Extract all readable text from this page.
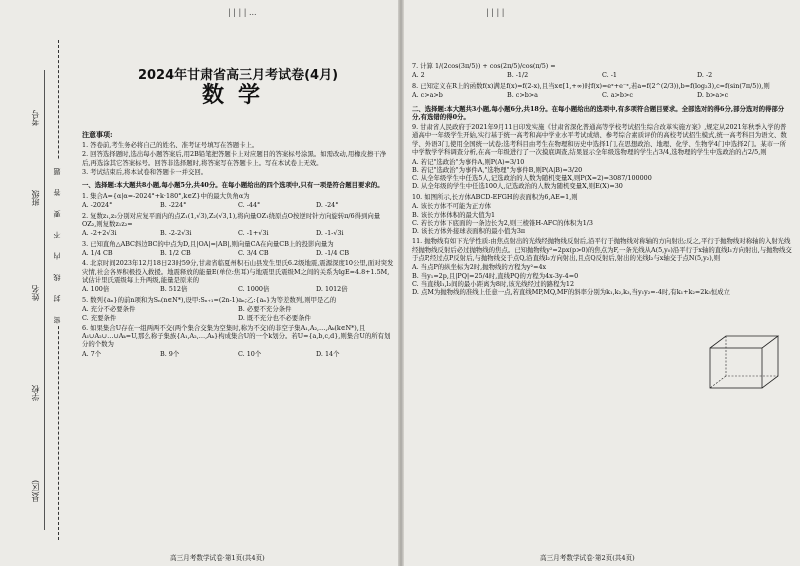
| | | | ...	| | | |
考号
班级
姓名
学校
县(区)
密 封 线 内 不 要 答 题
2024年甘肃省高三月考试卷(4月)
数学
注意事项:

1. 答卷前,考生务必将自己的姓名、准考证号填写在答题卡上。

2. 回答选择题时,选出每小题答案后,用2B铅笔把答题卡上对应题目的答案标号涂黑。如需改动,用橡皮擦干净后,再选涂其它答案标号。回答非选择题时,将答案写在答题卡上。写在本试卷上无效。

3. 考试结束后,将本试卷和答题卡一并交回。

一、选择题:本大题共8小题,每小题5分,共40分。在每小题给出的四个选项中,只有一项是符合题目要求的。

1. 集合A={α|α=-2024°+k·180°,k∈Z}中的最大负角α为

A. -2024°	B. -224°	C. -44°	D. -24°

2. 复数z₁,z₂分别对应复平面内的点Z₁(1,√3),Z₂(√3,1),将向量OZ₁绕原点O按逆时针方向旋转π/6得到向量OZ₂,则复数z₁z₂=

A. -2+2√3i	B. -2-2√3i	C. -1+√3i	D. -1-√3i

3. 已知直角△ABC斜边BC的中点为D,且|OA|=|AB|,则向量CA在向量CB上的投影向量为

A. 1/4 CB	B. 1/2 CB	C. 3/4 CB	D. -1/4 CB

4. 北京时间2023年12月18日23时59分,甘肃省临夏州积石山县发生里氏6.2级地震,震源深度10公里,面对突发灾情,社会各界积极投入救援。地震释放的能量E(单位:焦耳)与地震里氏震级M之间的关系为lgE=4.8+1.5M,试估计里氏震级每上升两级,能量是原来的

A. 100倍	B. 512倍	C. 1000倍	D. 1012倍

5. 数列{aₙ}的前n项和为Sₙ(n∈N*),设甲:Sₙ₊₁=(2n-1)aₙ;乙:{aₙ}为等差数列,则甲是乙的

A. 充分不必要条件	B. 必要不充分条件
C. 充要条件	D. 既不充分也不必要条件

6. 如果集合U存在一组两两不交(两个集合交集为空集时,称为不交)的非空子集A₁,A₂,…,Aₖ(k∈N*),且A₁∪A₂∪…∪Aₖ=U,那么称子集族{A₁,A₂,…,Aₖ}构成集合U的一个k划分。若U={a,b,c,d},则集合U的所有划分的个数为

A. 7个	B. 9个	C. 10个	D. 14个
高三月考数学试卷·第1页(共4页)

7. 计算 1/(2cos(3π/5)) + cos(2π/5)/cos(π/5) =

A. 2	B. -1/2	C. -1	D. -2

8. 已知定义在R上的函数f(x)满足f(x)=f(2-x),且当x∈[1,+∞)时f(x)=eˣ+e⁻ˣ,若a=f(2^(2/3)),b=f(log₂3),c=f(sin(7π/5)),则

A. c>a>b	B. c>b>a	C. a>b>c	D. b>a>c

二、选择题:本大题共3小题,每小题6分,共18分。在每小题给出的选项中,有多项符合题目要求。全部选对的得6分,部分选对的得部分分,有选错的得0分。

9. 甘肃省人民政府于2021年9月11日印发实施《甘肃省深化普通高等学校考试招生综合改革实施方案》,规定从2021年秋季入学的普通高中一年级学生开始,实行基于统一高考和高中学业水平考试成绩、参考综合素质评价的高校考试招生模式,统一高考科目为语文、数学、外语3门,使用全国统一试卷;选考科目由考生在物理和历史中选择1门,在思想政治、地理、化学、生物学4门中选择2门。某市一所中学数学学科调查分析,在高一年级进行了一次摸底调查,结果显示全年级选物理的学生占3/4,选物理的学生中选政治的占2/5,则

A. 若记"选政治"为事件A,则P(A)=3/10
B. 若记"选政治"为事件A,"选物理"为事件B,则P(A|B)=3/20
C. 从全年级学生中任选5人,记选政治的人数为随机变量X,则P(X=2)=3087/100000
D. 从全年级的学生中任选100人,记选政治的人数为随机变量X,则E(X)=30

10. 如图所示,长方体ABCD-EFGH的表面积为6,AE=1,则

A. 该长方体不可能为正方体
B. 该长方体体积的最大值为1
C. 若长方体下底面的一条边长为2,则三棱锥H-AFC的体积为1/3
D. 该长方体外接球表面积的最小值为3π

11. 抛物线有如下光学性质:由焦点射出的光线经抛物线反射后,沿平行于抛物线对称轴的方向射出;反之,平行于抛物线对称轴的入射光线经抛物线反射后必过抛物线的焦点。已知抛物线y²=2px(p>0)的焦点为F,一条光线从A(5,y₀)沿平行于x轴的直线l₁方向射出,与抛物线交于点P,经过点P反射后,与抛物线交于点Q,沿直线l₂方向射出,且点Q反射后,射出的光线l₂与x轴交于点N(5,y₂),则

A. 当点P的纵坐标为2时,抛物线的方程为y²=4x
B. 当y₁=2p,且|PQ|=25/4时,直线PQ的方程为4x-3y-4=0
C. 当直线l₁,l₂间的最小距离为8时,该光线经过的路程为12
D. 点M为抛物线的准线上任意一点,若直线MP,MQ,MF的斜率分别为k₁,k₂,k₃,当y₁y₂=-4时,有k₁+k₂=2k₃恒成立
高三月考数学试卷·第2页(共4页)
